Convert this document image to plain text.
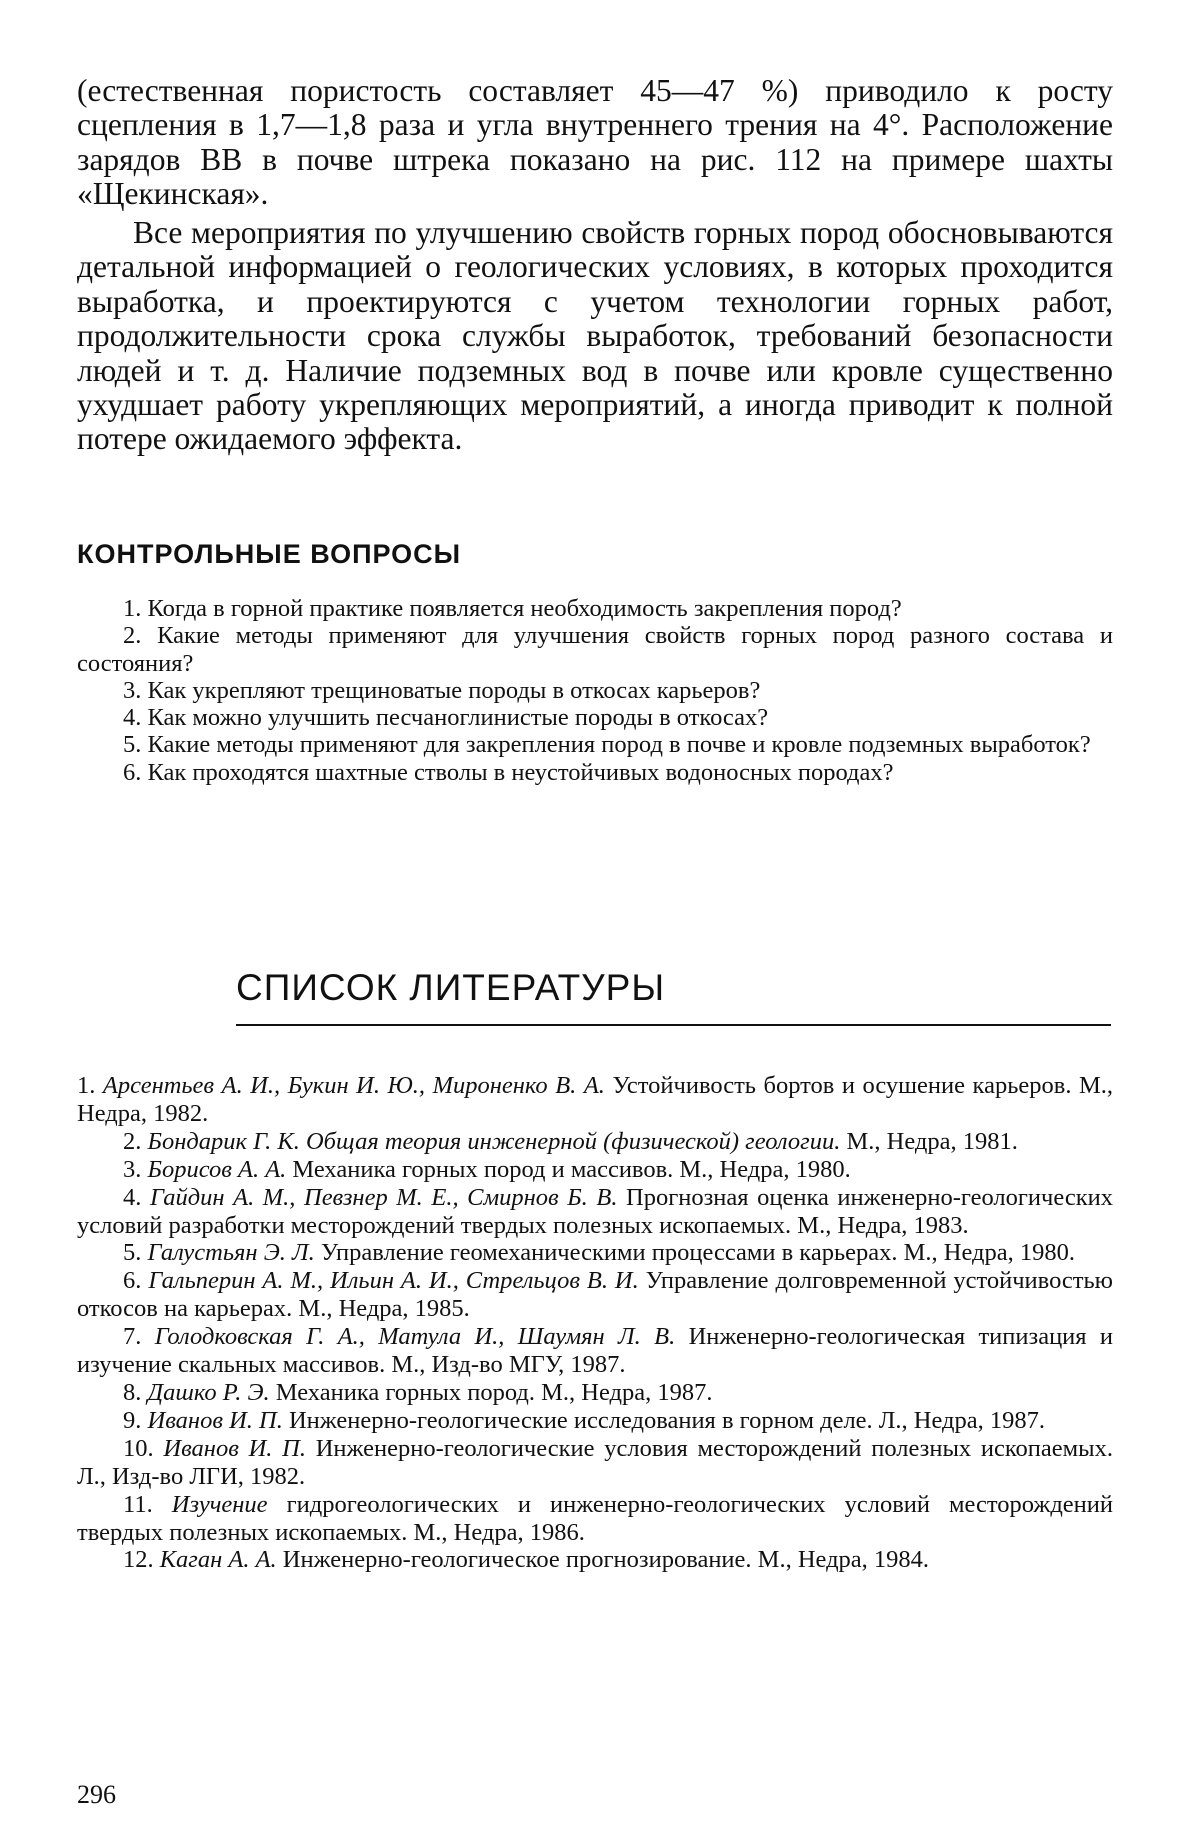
(естественная пористость составляет 45—47 %) приводило к росту сцепления в 1,7—1,8 раза и угла внутреннего трения на 4°. Расположение зарядов ВВ в почве штрека показано на рис. 112 на примере шахты «Щекинская».

Все мероприятия по улучшению свойств горных пород обосновываются детальной информацией о геологических условиях, в которых проходится выработка, и проектируются с учетом технологии горных работ, продолжительности срока службы выработок, требований безопасности людей и т. д. Наличие подземных вод в почве или кровле существенно ухудшает работу укрепляющих мероприятий, а иногда приводит к полной потере ожидаемого эффекта.

КОНТРОЛЬНЫЕ ВОПРОСЫ

1. Когда в горной практике появляется необходимость закрепления пород?

2. Какие методы применяют для улучшения свойств горных пород разного состава и состояния?

3. Как укрепляют трещиноватые породы в откосах карьеров?

4. Как можно улучшить песчаноглинистые породы в откосах?

5. Какие методы применяют для закрепления пород в почве и кровле подземных выработок?

6. Как проходятся шахтные стволы в неустойчивых водоносных породах?

СПИСОК ЛИТЕРАТУРЫ

1. Арсентьев А. И., Букин И. Ю., Мироненко В. А. Устойчивость бортов и осушение карьеров. М., Недра, 1982.

2. Бондарик Г. К. Общая теория инженерной (физической) геологии. М., Недра, 1981.

3. Борисов А. А. Механика горных пород и массивов. М., Недра, 1980.

4. Гайдин А. М., Певзнер М. Е., Смирнов Б. В. Прогнозная оценка инженерно-геологических условий разработки месторождений твердых полезных ископаемых. М., Недра, 1983.

5. Галустьян Э. Л. Управление геомеханическими процессами в карьерах. М., Недра, 1980.

6. Гальперин А. М., Ильин А. И., Стрельцов В. И. Управление долговременной устойчивостью откосов на карьерах. М., Недра, 1985.

7. Голодковская Г. А., Матула И., Шаумян Л. В. Инженерно-геологическая типизация и изучение скальных массивов. М., Изд-во МГУ, 1987.

8. Дашко Р. Э. Механика горных пород. М., Недра, 1987.

9. Иванов И. П. Инженерно-геологические исследования в горном деле. Л., Недра, 1987.

10. Иванов И. П. Инженерно-геологические условия месторождений полезных ископаемых. Л., Изд-во ЛГИ, 1982.

11. Изучение гидрогеологических и инженерно-геологических условий месторождений твердых полезных ископаемых. М., Недра, 1986.

12. Каган А. А. Инженерно-геологическое прогнозирование. М., Недра, 1984.

296
